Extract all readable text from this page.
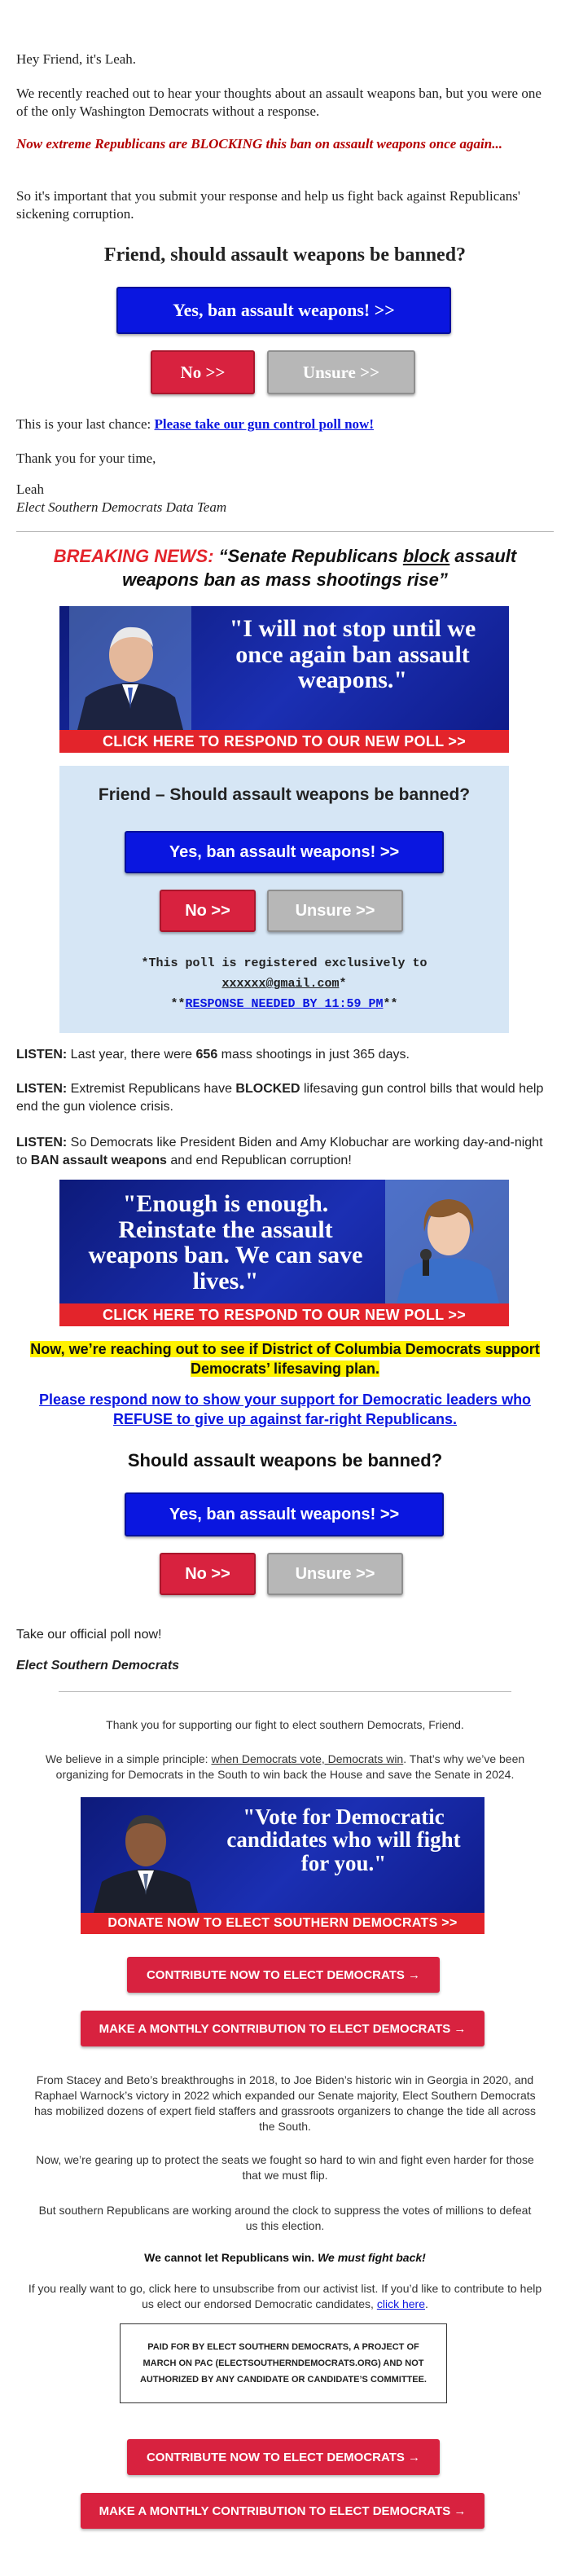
Hey Friend, it's Leah.

We recently reached out to hear your thoughts about an assault weapons ban, but you were one of the only Washington Democrats without a response.

Now extreme Republicans are BLOCKING this ban on assault weapons once again...

So it's important that you submit your response and help us fight back against Republicans' sickening corruption.

Friend, should assault weapons be banned?

Yes, ban assault weapons! >>
No >>	Unsure >>

This is your last chance: Please take our gun control poll now!

Thank you for your time,

Leah

Elect Southern Democrats Data Team

BREAKING NEWS: “Senate Republicans block assault weapons ban as mass shootings rise”

"I will not stop until we once again ban assault weapons."
CLICK HERE TO RESPOND TO OUR NEW POLL >>

Friend – Should assault weapons be banned?

Yes, ban assault weapons! >>
No >>	Unsure >>
*This poll is registered exclusively to
xxxxxx@gmail.com*
**RESPONSE NEEDED BY 11:59 PM**

LISTEN: Last year, there were 656 mass shootings in just 365 days.

LISTEN: Extremist Republicans have BLOCKED lifesaving gun control bills that would help end the gun violence crisis.

LISTEN: So Democrats like President Biden and Amy Klobuchar are working day-and-night to BAN assault weapons and end Republican corruption!

"Enough is enough. Reinstate the assault weapons ban. We can save lives."
CLICK HERE TO RESPOND TO OUR NEW POLL >>

Now, we’re reaching out to see if District of Columbia Democrats support Democrats’ lifesaving plan.

Please respond now to show your support for Democratic leaders who REFUSE to give up against far-right Republicans.

Should assault weapons be banned?

Yes, ban assault weapons! >>
No >>	Unsure >>

Take our official poll now!

Elect Southern Democrats

Thank you for supporting our fight to elect southern Democrats, Friend.

We believe in a simple principle: when Democrats vote, Democrats win. That’s why we’ve been organizing for Democrats in the South to win back the House and save the Senate in 2024.

"Vote for Democratic candidates who will fight for you."
DONATE NOW TO ELECT SOUTHERN DEMOCRATS >>
CONTRIBUTE NOW TO ELECT DEMOCRATS →
MAKE A MONTHLY CONTRIBUTION TO ELECT DEMOCRATS →

From Stacey and Beto’s breakthroughs in 2018, to Joe Biden’s historic win in Georgia in 2020, and Raphael Warnock’s victory in 2022 which expanded our Senate majority, Elect Southern Democrats has mobilized dozens of expert field staffers and grassroots organizers to change the tide all across the South.

Now, we’re gearing up to protect the seats we fought so hard to win and fight even harder for those that we must flip.

But southern Republicans are working around the clock to suppress the votes of millions to defeat us this election.

We cannot let Republicans win. We must fight back!

If you really want to go, click here to unsubscribe from our activist list. If you’d like to contribute to help us elect our endorsed Democratic candidates, click here.

PAID FOR BY ELECT SOUTHERN DEMOCRATS, A PROJECT OF MARCH ON PAC (ELECTSOUTHERNDEMOCRATS.ORG) AND NOT AUTHORIZED BY ANY CANDIDATE OR CANDIDATE’S COMMITTEE.

CONTRIBUTE NOW TO ELECT DEMOCRATS →
MAKE A MONTHLY CONTRIBUTION TO ELECT DEMOCRATS →
